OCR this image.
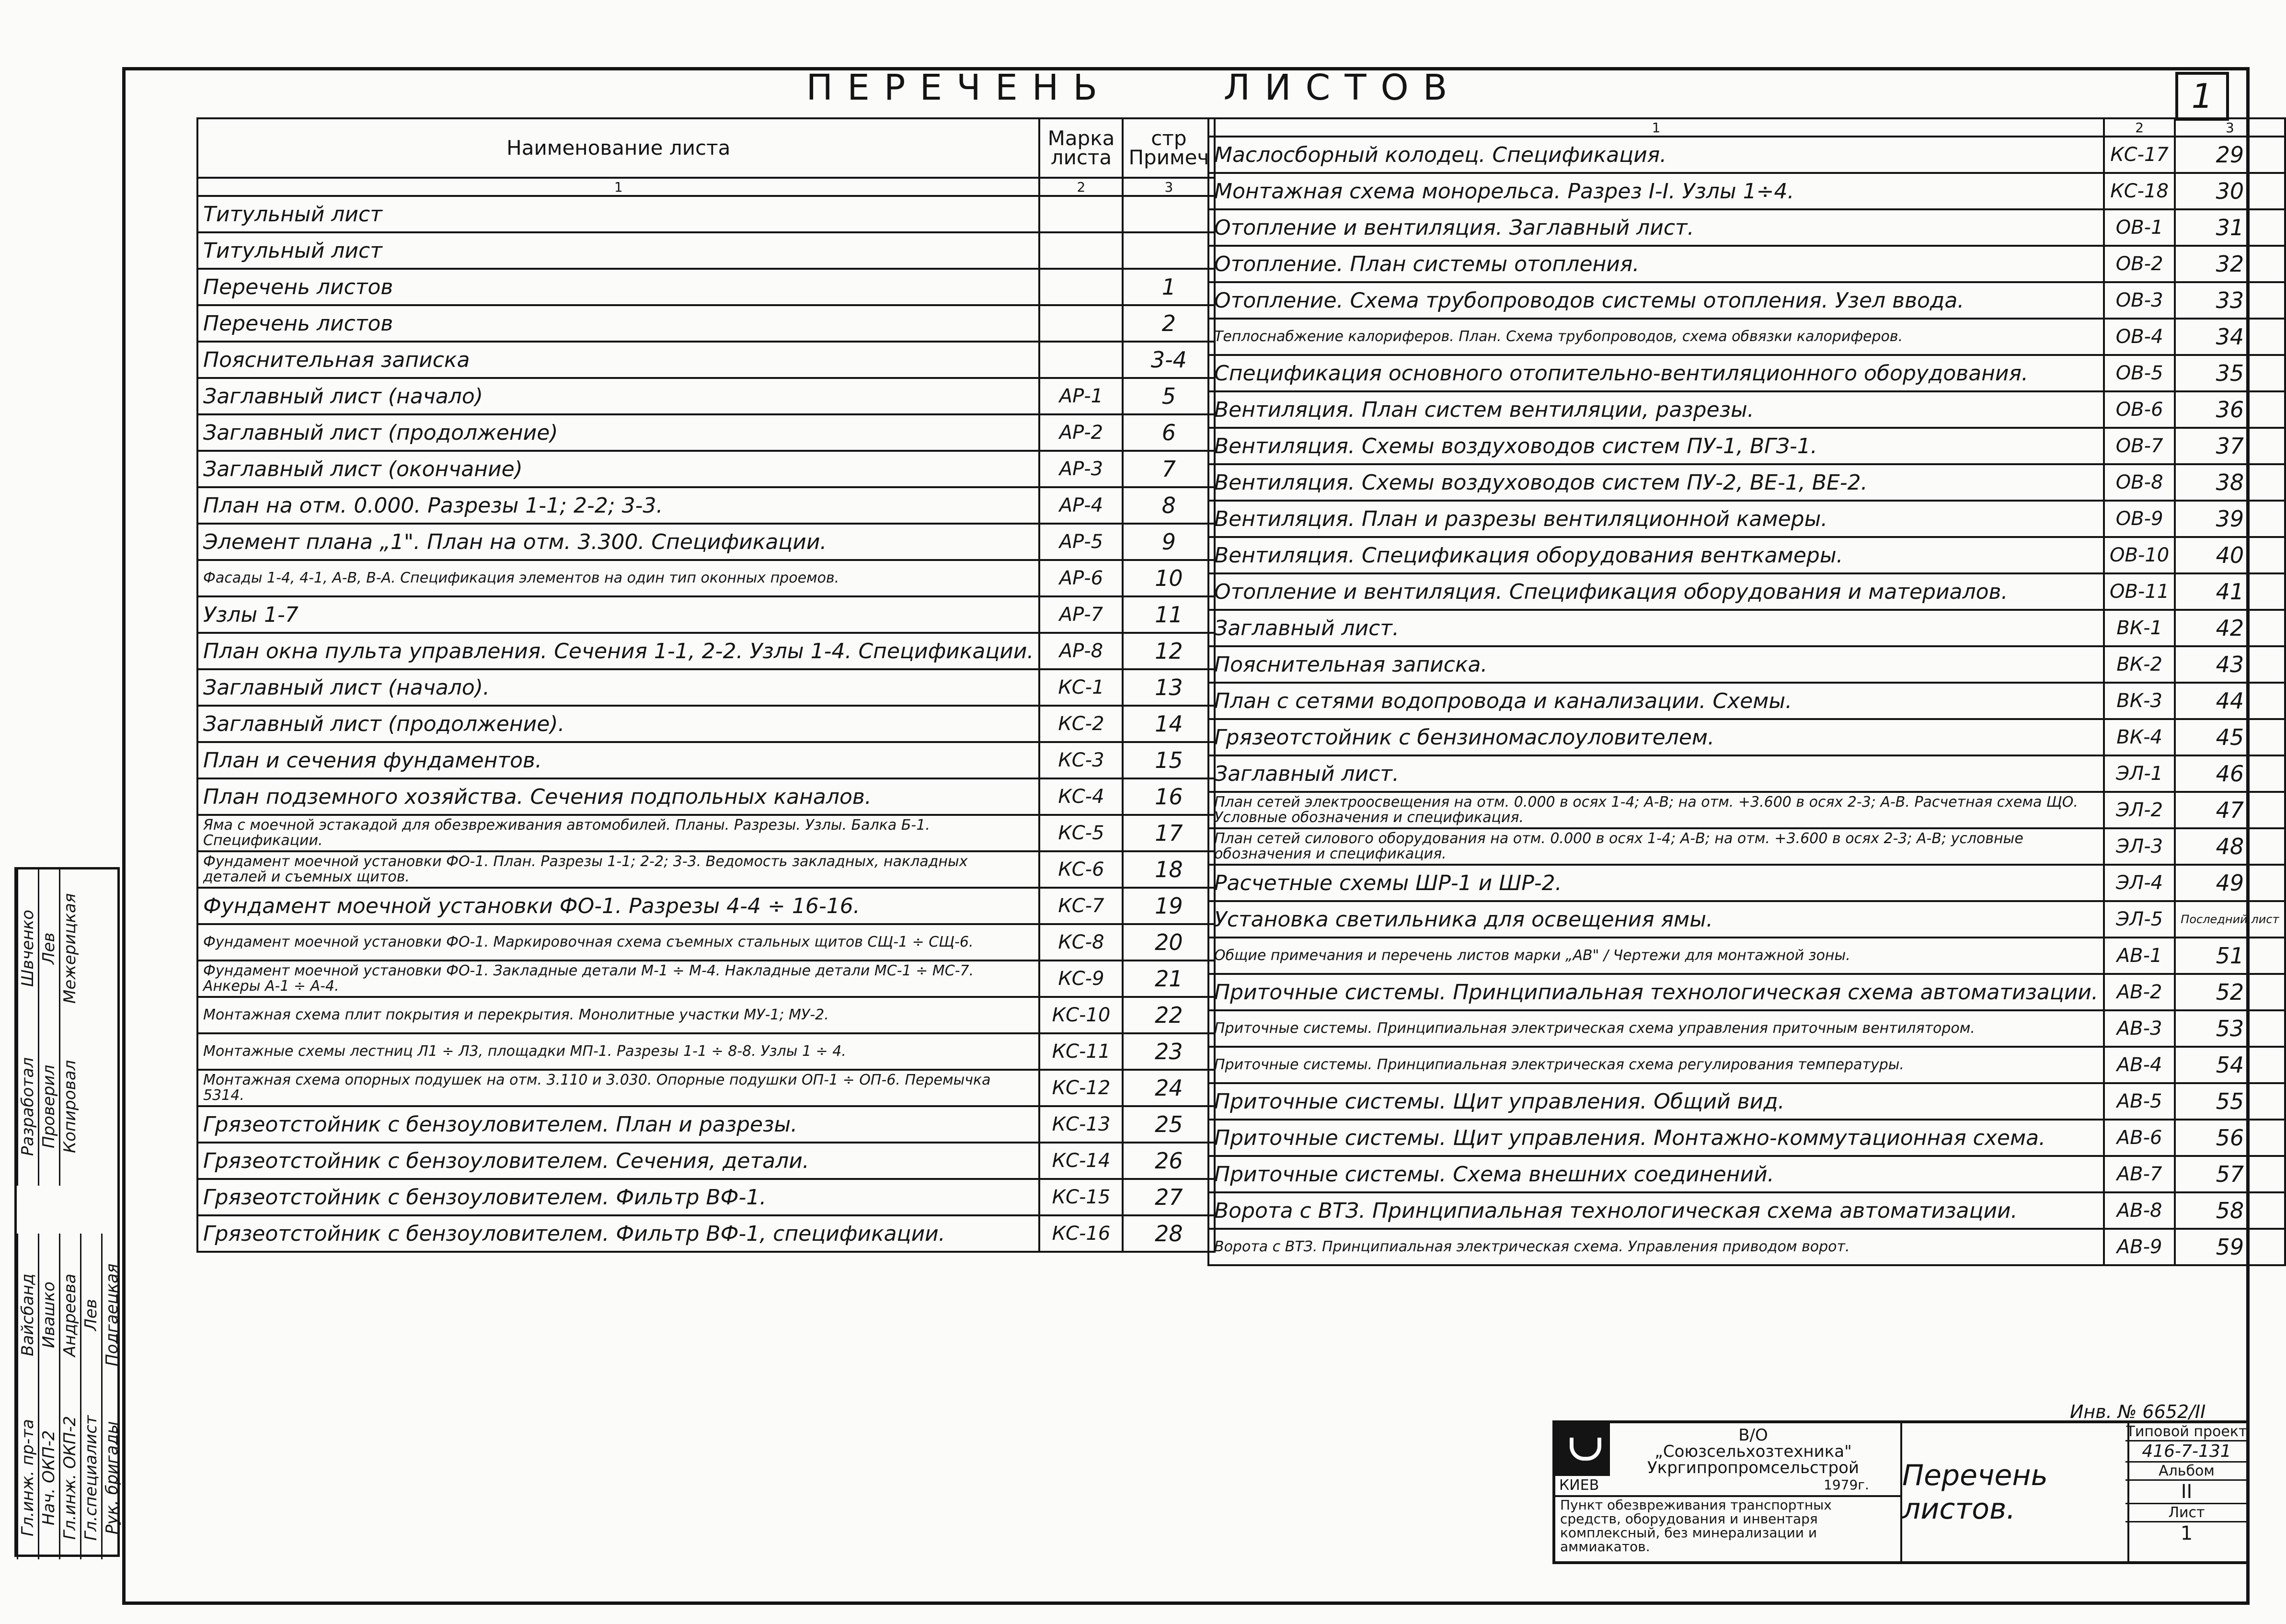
ПЕРЕЧЕНЬ	ЛИСТОВ	1
Наименование листа	Марка листа	стр Примеч
1	2	3
Титульный лист		
Титульный лист		
Перечень листов		1
Перечень листов		2
Пояснительная записка		3-4
Заглавный лист (начало)	АР-1	5
Заглавный лист (продолжение)	АР-2	6
Заглавный лист (окончание)	АР-3	7
План на отм. 0.000. Разрезы 1-1; 2-2; 3-3.	АР-4	8
Элемент плана „1". План на отм. 3.300. Спецификации.	АР-5	9
Фасады 1-4, 4-1, А-В, В-А. Спецификация элементов на один тип оконных проемов.	АР-6	10
Узлы 1-7	АР-7	11
План окна пульта управления. Сечения 1-1, 2-2. Узлы 1-4. Спецификации.	АР-8	12
Заглавный лист (начало).	КС-1	13
Заглавный лист (продолжение).	КС-2	14
План и сечения фундаментов.	КС-3	15
План подземного хозяйства. Сечения подпольных каналов.	КС-4	16
Яма с моечной эстакадой для обезвреживания автомобилей. Планы. Разрезы. Узлы. Балка Б-1. Спецификации.	КС-5	17
Фундамент моечной установки ФО-1. План. Разрезы 1-1; 2-2; 3-3. Ведомость закладных, накладных деталей и съемных щитов.	КС-6	18
Фундамент моечной установки ФО-1. Разрезы 4-4 ÷ 16-16.	КС-7	19
Фундамент моечной установки ФО-1. Маркировочная схема съемных стальных щитов СЩ-1 ÷ СЩ-6.	КС-8	20
Фундамент моечной установки ФО-1. Закладные детали М-1 ÷ М-4. Накладные детали МС-1 ÷ МС-7. Анкеры А-1 ÷ А-4.	КС-9	21
Монтажная схема плит покрытия и перекрытия. Монолитные участки МУ-1; МУ-2.	КС-10	22
Монтажные схемы лестниц Л1 ÷ Л3, площадки МП-1. Разрезы 1-1 ÷ 8-8. Узлы 1 ÷ 4.	КС-11	23
Монтажная схема опорных подушек на отм. 3.110 и 3.030. Опорные подушки ОП-1 ÷ ОП-6. Перемычка 5314.	КС-12	24
Грязеотстойник с бензоуловителем. План и разрезы.	КС-13	25
Грязеотстойник с бензоуловителем. Сечения, детали.	КС-14	26
Грязеотстойник с бензоуловителем. Фильтр ВФ-1.	КС-15	27
Грязеотстойник с бензоуловителем. Фильтр ВФ-1, спецификации.	КС-16	28
1	2	3
Маслосборный колодец. Спецификация.	КС-17	29
Монтажная схема монорельса. Разрез I-I. Узлы 1÷4.	КС-18	30
Отопление и вентиляция. Заглавный лист.	ОВ-1	31
Отопление. План системы отопления.	ОВ-2	32
Отопление. Схема трубопроводов системы отопления. Узел ввода.	ОВ-3	33
Теплоснабжение калориферов. План. Схема трубопроводов, схема обвязки калориферов.	ОВ-4	34
Спецификация основного отопительно-вентиляционного оборудования.	ОВ-5	35
Вентиляция. План систем вентиляции, разрезы.	ОВ-6	36
Вентиляция. Схемы воздуховодов систем ПУ-1, ВГЗ-1.	ОВ-7	37
Вентиляция. Схемы воздуховодов систем ПУ-2, ВЕ-1, ВЕ-2.	ОВ-8	38
Вентиляция. План и разрезы вентиляционной камеры.	ОВ-9	39
Вентиляция. Спецификация оборудования венткамеры.	ОВ-10	40
Отопление и вентиляция. Спецификация оборудования и материалов.	ОВ-11	41
Заглавный лист.	ВК-1	42
Пояснительная записка.	ВК-2	43
План с сетями водопровода и канализации. Схемы.	ВК-3	44
Грязеотстойник с бензиномаслоуловителем.	ВК-4	45
Заглавный лист.	ЭЛ-1	46
План сетей электроосвещения на отм. 0.000 в осях 1-4; А-В; на отм. +3.600 в осях 2-3; А-В. Расчетная схема ЩО. Условные обозначения и спецификация.	ЭЛ-2	47
План сетей силового оборудования на отм. 0.000 в осях 1-4; А-В; на отм. +3.600 в осях 2-3; А-В; условные обозначения и спецификация.	ЭЛ-3	48
Расчетные схемы ШР-1 и ШР-2.	ЭЛ-4	49
Установка светильника для освещения ямы.	ЭЛ-5	Последний лист
Общие примечания и перечень листов марки „АВ" / Чертежи для монтажной зоны.	АВ-1	51
Приточные системы. Принципиальная технологическая схема автоматизации.	АВ-2	52
Приточные системы. Принципиальная электрическая схема управления приточным вентилятором.	АВ-3	53
Приточные системы. Принципиальная электрическая схема регулирования температуры.	АВ-4	54
Приточные системы. Щит управления. Общий вид.	АВ-5	55
Приточные системы. Щит управления. Монтажно-коммутационная схема.	АВ-6	56
Приточные системы. Схема внешних соединений.	АВ-7	57
Ворота с ВТЗ. Принципиальная технологическая схема автоматизации.	АВ-8	58
Ворота с ВТЗ. Принципиальная электрическая схема. Управления приводом ворот.	АВ-9	59
Разработал
Швченко
Проверил
Лев
Копировал
Межерицкая
Гл.инж. пр-та
Вайсбанд
Нач. ОКП-2
Ивашко
Гл.инж. ОКП-2
Андреева
Гл.специалист
Лев
Рук. бригады
Подгаецкая
В/О
„Союзсельхозтехника"
Укргипропромсельстрой
КИЕВ	1979г.
Пункт обезвреживания транспортных средств, оборудования и инвентаря комплексный, без минерализации и аммиакатов.
Перечень листов.
Типовой проект
416-7-131
Альбом
II
Лист
1
Инв. № 6652/II
